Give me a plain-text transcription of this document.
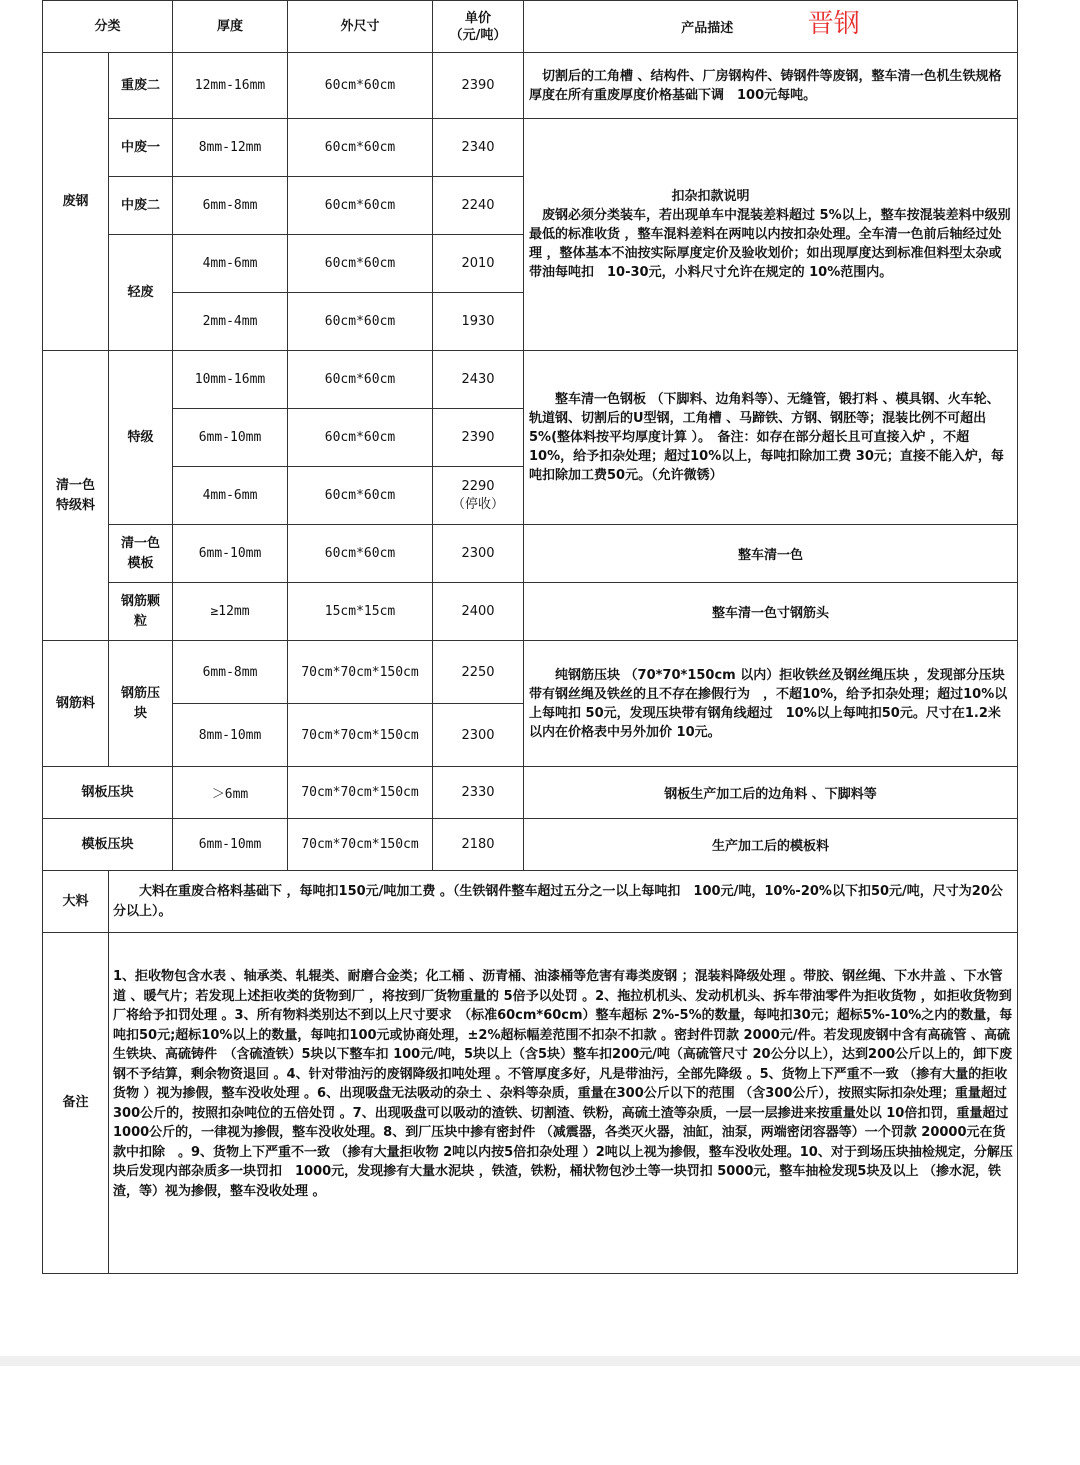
分类		厚度	外尺寸	单价
（元/吨）	产品描述 晋钢
废钢	重废二	12mm-16mm	60cm*60cm	2390	　切割后的工角槽 、结构件、厂房钢构件、铸钢件等废钢，整车清一色机生铁规格厚度在所有重废厚度价格基础下调　100元每吨。
	中废一	8mm-12mm	60cm*60cm	2340	扣杂扣款说明
　废钢必须分类装车，若出现单车中混装差料超过 5%以上，整车按混装差料中级别最低的标准收货 ，整车混料差料在两吨以内按扣杂处理。全车清一色前后轴经过处理 ，整体基本不油按实际厚度定价及验收划价；如出现厚度达到标准但料型太杂或带油每吨扣　10-30元，小料尺寸允许在规定的 10%范围内。
	中废二	6mm-8mm	60cm*60cm	2240	
	轻废	4mm-6mm	60cm*60cm	2010	
		2mm-4mm	60cm*60cm	1930	
清一色特级料	特级	10mm-16mm	60cm*60cm	2430	　　整车清一色钢板 （下脚料、边角料等）、无缝管，锻打料 、模具钢、火车轮、轨道钢、切割后的U型钢，工角槽 、马蹄铁、方钢、钢胚等；混装比例不可超出 5%(整体料按平均厚度计算 ）。　备注：如存在部分超长且可直接入炉 ，不超10%，给予扣杂处理；超过10%以上，每吨扣除加工费 30元；直接不能入炉，每吨扣除加工费50元。（允许微锈）
		6mm-10mm	60cm*60cm	2390	
		4mm-6mm	60cm*60cm	2290
（停收）	
	清一色模板	6mm-10mm	60cm*60cm	2300	整车清一色
	钢筋颗粒	≥12mm	15cm*15cm	2400	整车清一色寸钢筋头
钢筋料	钢筋压块	6mm-8mm	70cm*70cm*150cm	2250	　　纯钢筋压块 （70*70*150cm 以内）拒收铁丝及钢丝绳压块 ，发现部分压块带有钢丝绳及铁丝的且不存在掺假行为　，不超10%，给予扣杂处理；超过10%以上每吨扣 50元，发现压块带有钢角线超过　10%以上每吨扣50元。尺寸在1.2米以内在价格表中另外加价 10元。
		8mm-10mm	70cm*70cm*150cm	2300	
钢板压块		＞6mm	70cm*70cm*150cm	2330	钢板生产加工后的边角料 、下脚料等
模板压块		6mm-10mm	70cm*70cm*150cm	2180	生产加工后的模板料
大料	　　大料在重废合格料基础下 ，每吨扣150元/吨加工费 。（生铁钢件整车超过五分之一以上每吨扣　100元/吨，10%-20%以下扣50元/吨，尺寸为20公分以上）。				
备注	1、拒收物包含水表 、轴承类、轧辊类、耐磨合金类；化工桶 、沥青桶、油漆桶等危害有毒类废钢 ；混装料降级处理 。带胶、钢丝绳、下水井盖 、下水管道 、暖气片；若发现上述拒收类的货物到厂 ，将按到厂货物重量的 5倍予以处罚 。2、拖拉机机头、发动机机头、拆车带油零件为拒收货物 ，如拒收货物到厂将给予扣罚处理 。3、所有物料类别达不到以上尺寸要求　（标准60cm*60cm）整车超标 2%-5%的数量，每吨扣30元；超标5%-10%之内的数量，每吨扣50元;超标10%以上的数量，每吨扣100元或协商处理，±2%超标幅差范围不扣杂不扣款 。密封件罚款 2000元/件。若发现废钢中含有高硫管 、高硫生铁块、高硫铸件　（含硫渣铁）5块以下整车扣 100元/吨，5块以上（含5块）整车扣200元/吨（高硫管尺寸 20公分以上），达到200公斤以上的，卸下废钢不予结算，剩余物资退回 。4、针对带油污的废钢降级扣吨处理 。不管厚度多好，凡是带油污，全部先降级 。5、货物上下严重不一致 （掺有大量的拒收货物 ）视为掺假，整车没收处理 。6、出现吸盘无法吸动的杂土 、杂料等杂质，重量在300公斤以下的范围 （含300公斤），按照实际扣杂处理；重量超过 300公斤的，按照扣杂吨位的五倍处罚 。7、出现吸盘可以吸动的渣铁、切割渣、铁粉，高硫土渣等杂质，一层一层掺进来按重量处以 10倍扣罚，重量超过1000公斤的，一律视为掺假，整车没收处理。8、到厂压块中掺有密封件 （减震器，各类灭火器，油缸，油泵，两端密闭容器等）一个罚款 20000元在货款中扣除　。9、货物上下严重不一致 （掺有大量拒收物 2吨以内按5倍扣杂处理 ）2吨以上视为掺假，整车没收处理。10、对于到场压块抽检规定，分解压块后发现内部杂质多一块罚扣　1000元，发现掺有大量水泥块 ，铁渣，铁粉，桶状物包沙土等一块罚扣 5000元，整车抽检发现5块及以上 （掺水泥，铁渣，等）视为掺假，整车没收处理 。				
